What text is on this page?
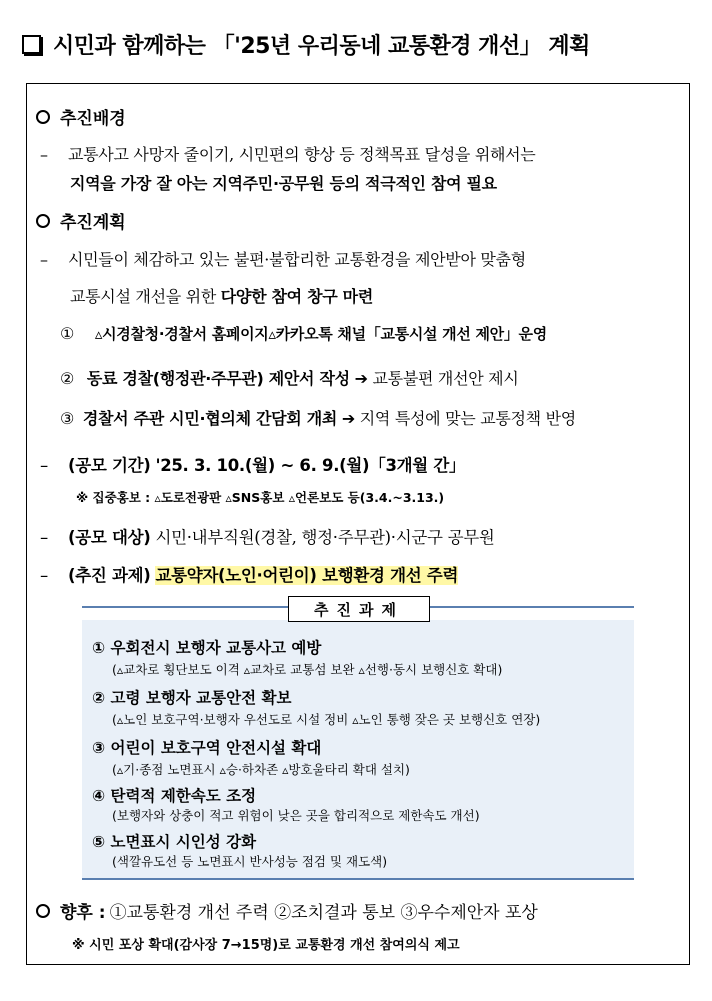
시민과 함께하는 「'25년 우리동네 교통환경 개선」 계획
추진배경
– 교통사고 사망자 줄이기, 시민편의 향상 등 정책목표 달성을 위해서는
지역을 가장 잘 아는 지역주민·공무원 등의 적극적인 참여 필요
추진계획
– 시민들이 체감하고 있는 불편·불합리한 교통환경을 제안받아 맞춤형
교통시설 개선을 위한 다양한 참여 창구 마련
① ▵시경찰청·경찰서 홈페이지▵카카오톡 채널「교통시설 개선 제안」운영
② 동료 경찰(행정관·주무관) 제안서 작성 ➔ 교통불편 개선안 제시
③ 경찰서 주관 시민·협의체 간담회 개최 ➔ 지역 특성에 맞는 교통정책 반영
– (공모 기간) '25. 3. 10.(월) ~ 6. 9.(월)「3개월 간」
※ 집중홍보 : ▵도로전광판 ▵SNS홍보 ▵언론보도 등(3.4.~3.13.)
– (공모 대상) 시민·내부직원(경찰, 행정·주무관)·시군구 공무원
– (추진 과제) 교통약자(노인·어린이) 보행환경 개선 주력
추진과제
① 우회전시 보행자 교통사고 예방
(▵교차로 횡단보도 이격 ▵교차로 교통섬 보완 ▵선행·동시 보행신호 확대)
② 고령 보행자 교통안전 확보
(▵노인 보호구역·보행자 우선도로 시설 정비 ▵노인 통행 잦은 곳 보행신호 연장)
③ 어린이 보호구역 안전시설 확대
(▵기·종점 노면표시 ▵승·하차존 ▵방호울타리 확대 설치)
④ 탄력적 제한속도 조정
(보행자와 상충이 적고 위험이 낮은 곳을 합리적으로 제한속도 개선)
⑤ 노면표시 시인성 강화
(색깔유도선 등 노면표시 반사성능 점검 및 재도색)
향후 : ①교통환경 개선 주력 ②조치결과 통보 ③우수제안자 포상
※ 시민 포상 확대(감사장 7→15명)로 교통환경 개선 참여의식 제고
